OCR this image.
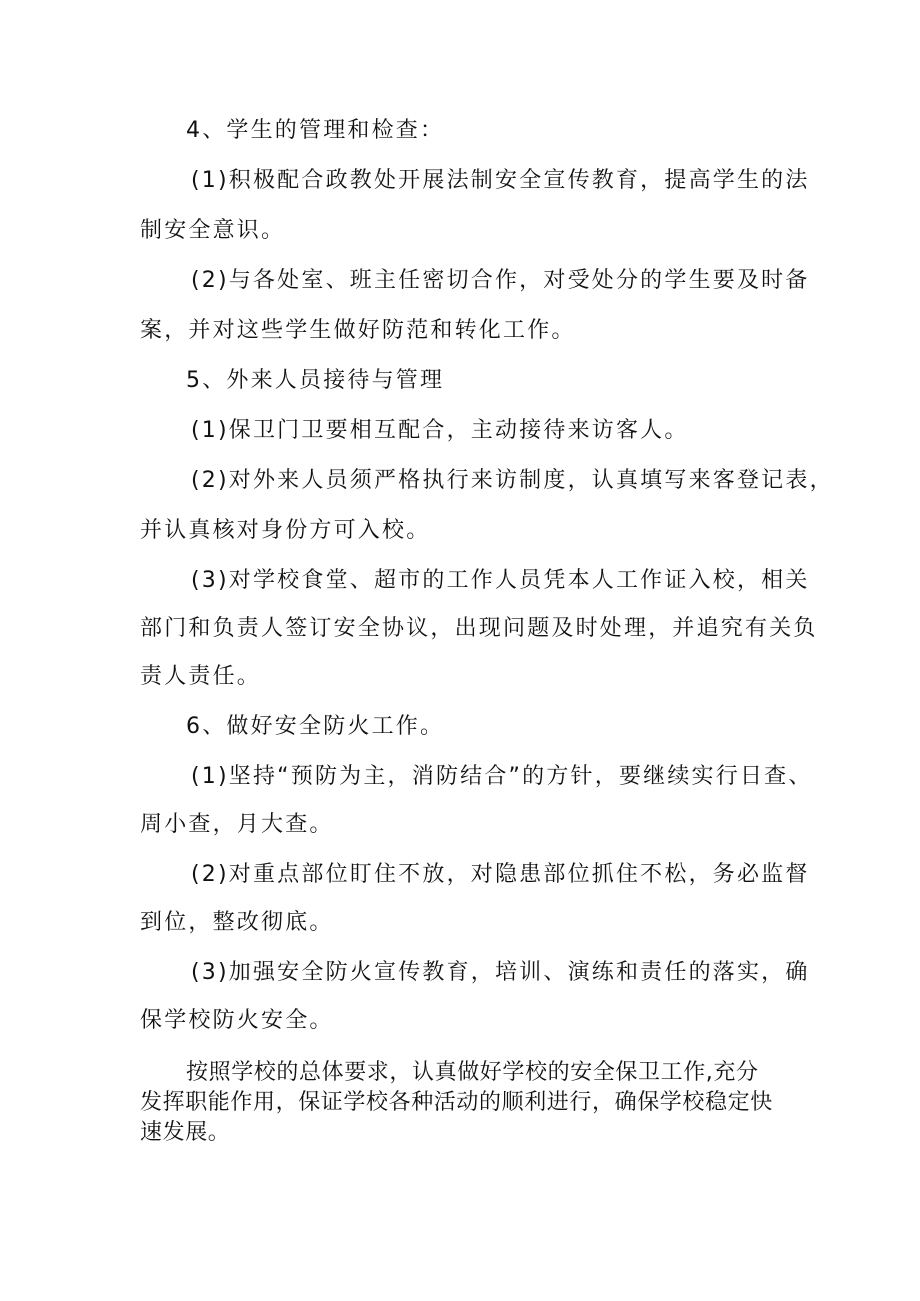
4、学生的管理和检查：
(1)积极配合政教处开展法制安全宣传教育，提高学生的法
制安全意识。
(2)与各处室、班主任密切合作，对受处分的学生要及时备
案，并对这些学生做好防范和转化工作。
5、外来人员接待与管理
(1)保卫门卫要相互配合，主动接待来访客人。
(2)对外来人员须严格执行来访制度，认真填写来客登记表，
并认真核对身份方可入校。
(3)对学校食堂、超市的工作人员凭本人工作证入校，相关
部门和负责人签订安全协议，出现问题及时处理，并追究有关负
责人责任。
6、做好安全防火工作。
(1)坚持“预防为主，消防结合”的方针，要继续实行日查、
周小查，月大查。
(2)对重点部位盯住不放，对隐患部位抓住不松，务必监督
到位，整改彻底。
(3)加强安全防火宣传教育，培训、演练和责任的落实，确
保学校防火安全。
按照学校的总体要求，认真做好学校的安全保卫工作,充分
发挥职能作用，保证学校各种活动的顺利进行，确保学校稳定快
速发展。
